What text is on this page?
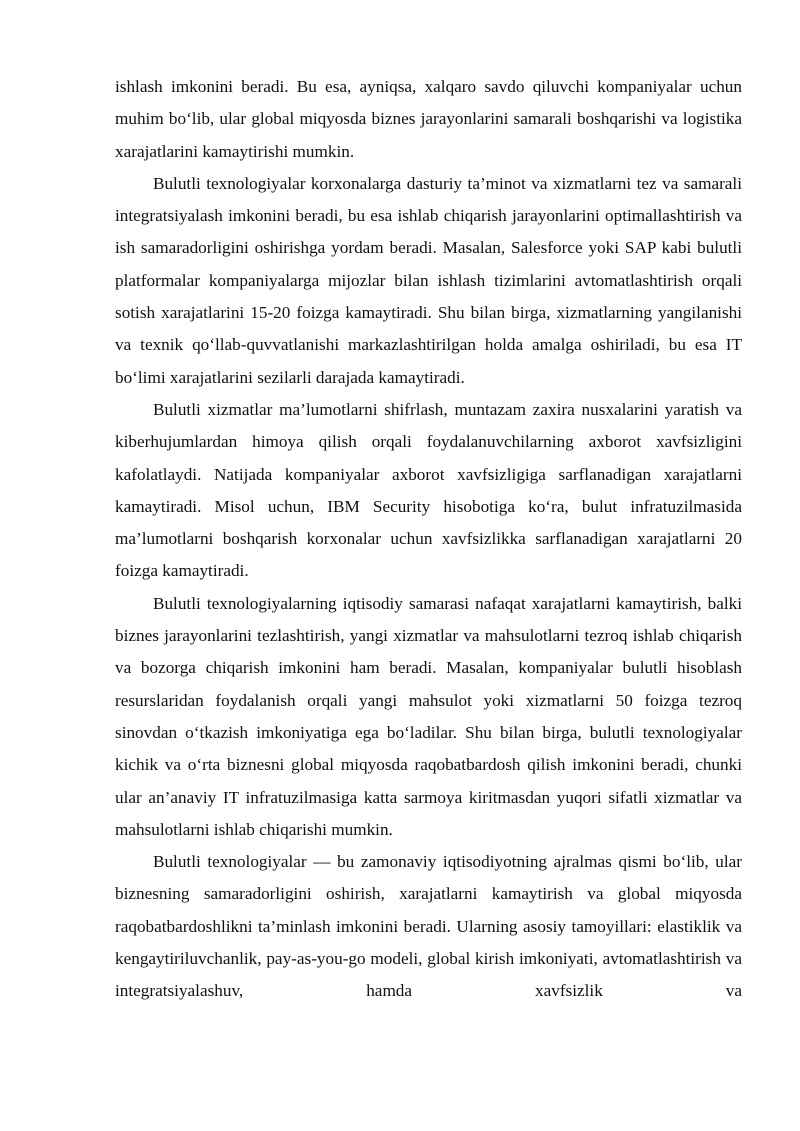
ishlash imkonini beradi. Bu esa, ayniqsa, xalqaro savdo qiluvchi kompaniyalar uchun muhim bo‘lib, ular global miqyosda biznes jarayonlarini samarali boshqarishi va logistika xarajatlarini kamaytirishi mumkin.

Bulutli texnologiyalar korxonalarga dasturiy ta’minot va xizmatlarni tez va samarali integratsiyalash imkonini beradi, bu esa ishlab chiqarish jarayonlarini optimallashtirish va ish samaradorligini oshirishga yordam beradi. Masalan, Salesforce yoki SAP kabi bulutli platformalar kompaniyalarga mijozlar bilan ishlash tizimlarini avtomatlashtirish orqali sotish xarajatlarini 15-20 foizga kamaytiradi. Shu bilan birga, xizmatlarning yangilanishi va texnik qo‘llab-quvvatlanishi markazlashtirilgan holda amalga oshiriladi, bu esa IT bo‘limi xarajatlarini sezilarli darajada kamaytiradi.

Bulutli xizmatlar ma’lumotlarni shifrlash, muntazam zaxira nusxalarini yaratish va kiberhujumlardan himoya qilish orqali foydalanuvchilarning axborot xavfsizligini kafolatlaydi. Natijada kompaniyalar axborot xavfsizligiga sarflanadigan xarajatlarni kamaytiradi. Misol uchun, IBM Security hisobotiga ko‘ra, bulut infratuzilmasida ma’lumotlarni boshqarish korxonalar uchun xavfsizlikka sarflanadigan xarajatlarni 20 foizga kamaytiradi.

Bulutli texnologiyalarning iqtisodiy samarasi nafaqat xarajatlarni kamaytirish, balki biznes jarayonlarini tezlashtirish, yangi xizmatlar va mahsulotlarni tezroq ishlab chiqarish va bozorga chiqarish imkonini ham beradi. Masalan, kompaniyalar bulutli hisoblash resurslaridan foydalanish orqali yangi mahsulot yoki xizmatlarni 50 foizga tezroq sinovdan o‘tkazish imkoniyatiga ega bo‘ladilar. Shu bilan birga, bulutli texnologiyalar kichik va o‘rta biznesni global miqyosda raqobatbardosh qilish imkonini beradi, chunki ular an’anaviy IT infratuzilmasiga katta sarmoya kiritmasdan yuqori sifatli xizmatlar va mahsulotlarni ishlab chiqarishi mumkin.

Bulutli texnologiyalar — bu zamonaviy iqtisodiyotning ajralmas qismi bo‘lib, ular biznesning samaradorligini oshirish, xarajatlarni kamaytirish va global miqyosda raqobatbardoshlikni ta’minlash imkonini beradi. Ularning asosiy tamoyillari: elastiklik va kengaytiriluvchanlik, pay-as-you-go modeli, global kirish imkoniyati, avtomatlashtirish va integratsiyalashuv, hamda xavfsizlik va
